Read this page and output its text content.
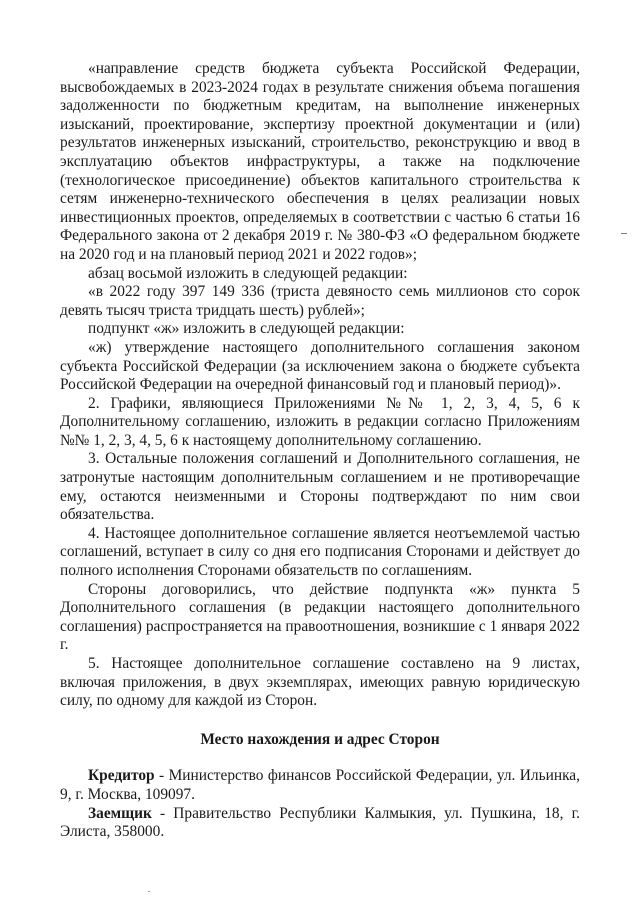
«направление средств бюджета субъекта Российской Федерации, высвобождаемых в 2023-2024 годах в результате снижения объема погашения задолженности по бюджетным кредитам, на выполнение инженерных изысканий, проектирование, экспертизу проектной документации и (или) результатов инженерных изысканий, строительство, реконструкцию и ввод в эксплуатацию объектов инфраструктуры, а также на подключение (технологическое присоединение) объектов капитального строительства к сетям инженерно-технического обеспечения в целях реализации новых инвестиционных проектов, определяемых в соответствии с частью 6 статьи 16 Федерального закона от 2 декабря 2019 г. № 380-ФЗ «О федеральном бюджете на 2020 год и на плановый период 2021 и 2022 годов»;

абзац восьмой изложить в следующей редакции:

«в 2022 году 397 149 336 (триста девяносто семь миллионов сто сорок девять тысяч триста тридцать шесть) рублей»;

подпункт «ж» изложить в следующей редакции:

«ж) утверждение настоящего дополнительного соглашения законом субъекта Российской Федерации (за исключением закона о бюджете субъекта Российской Федерации на очередной финансовый год и плановый период)».

2. Графики, являющиеся Приложениями №№ 1, 2, 3, 4, 5, 6 к Дополнительному соглашению, изложить в редакции согласно Приложениям №№ 1, 2, 3, 4, 5, 6 к настоящему дополнительному соглашению.

3. Остальные положения соглашений и Дополнительного соглашения, не затронутые настоящим дополнительным соглашением и не противоречащие ему, остаются неизменными и Стороны подтверждают по ним свои обязательства.

4. Настоящее дополнительное соглашение является неотъемлемой частью соглашений, вступает в силу со дня его подписания Сторонами и действует до полного исполнения Сторонами обязательств по соглашениям.

Стороны договорились, что действие подпункта «ж» пункта 5 Дополнительного соглашения (в редакции настоящего дополнительного соглашения) распространяется на правоотношения, возникшие с 1 января 2022 г.

5. Настоящее дополнительное соглашение составлено на 9 листах, включая приложения, в двух экземплярах, имеющих равную юридическую силу, по одному для каждой из Сторон.

Место нахождения и адрес Сторон

Кредитор - Министерство финансов Российской Федерации, ул. Ильинка, 9, г. Москва, 109097.

Заемщик - Правительство Республики Калмыкия, ул. Пушкина, 18, г. Элиста, 358000.
